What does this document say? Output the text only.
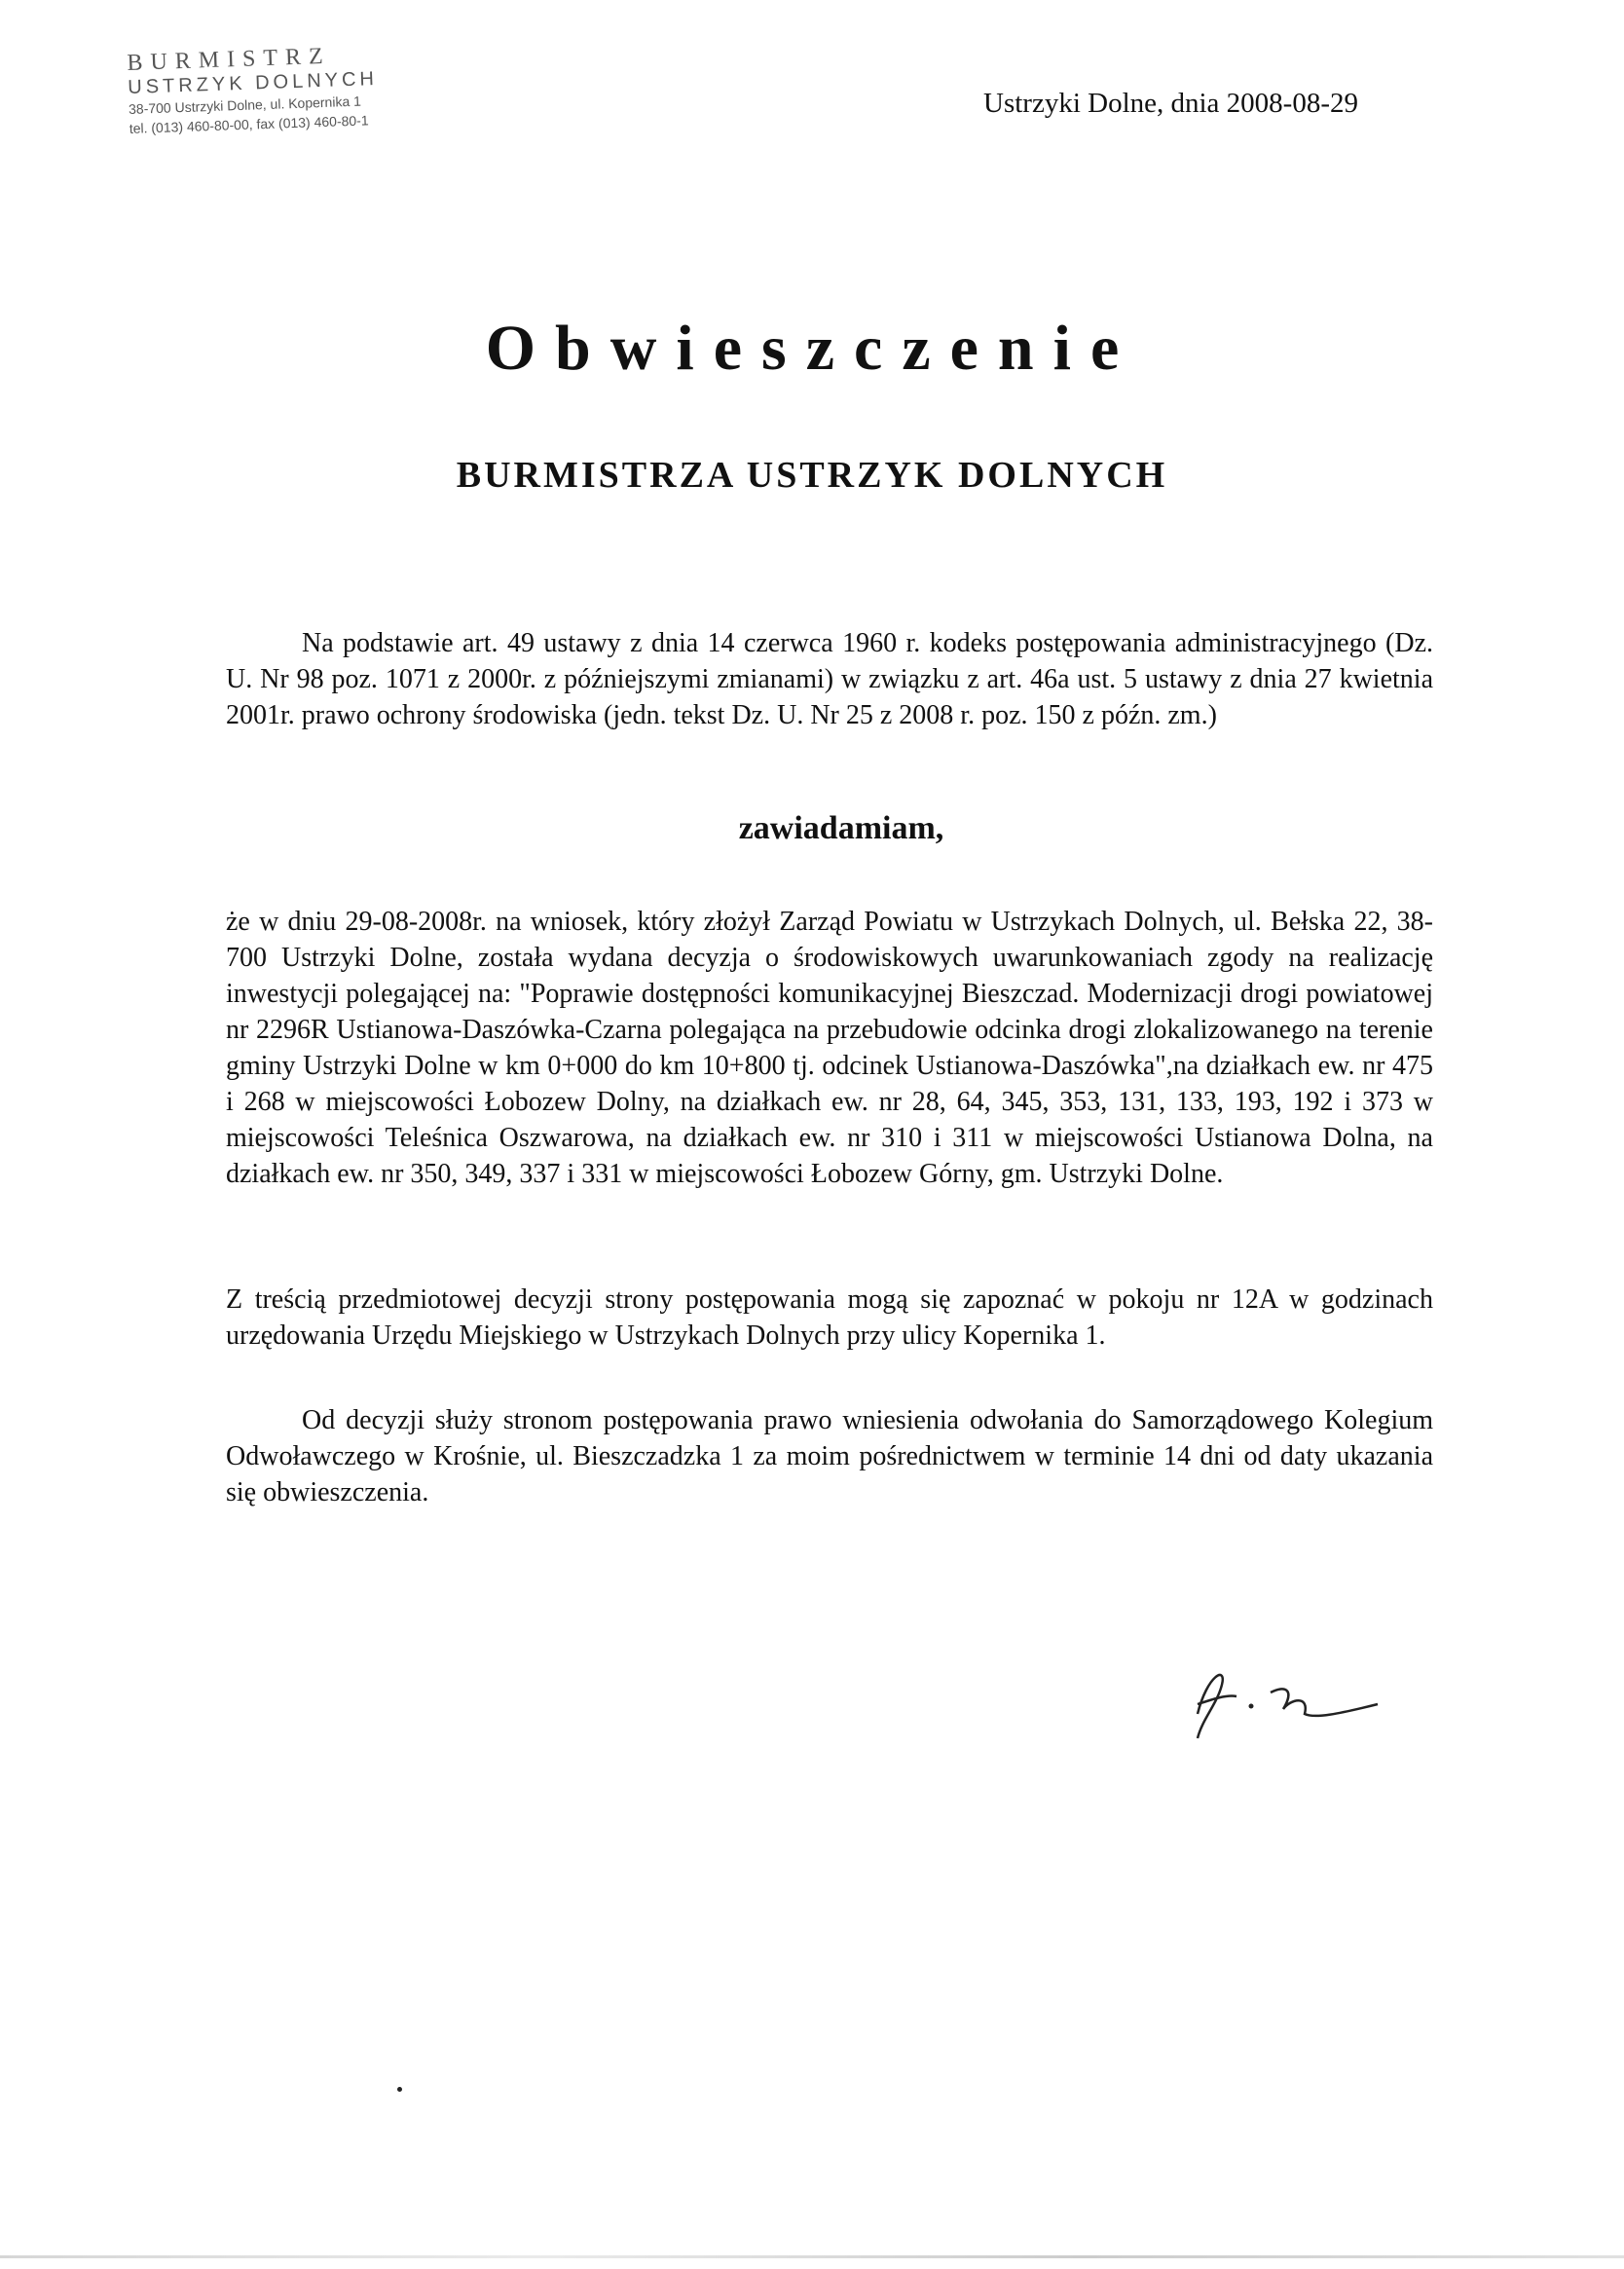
BURMISTRZ
USTRZYK DOLNYCH
38-700 Ustrzyki Dolne, ul. Kopernika 1
tel. (013) 460-80-00, fax (013) 460-80-1
Ustrzyki Dolne, dnia 2008-08-29
Obwieszczenie
BURMISTRZA USTRZYK DOLNYCH

Na podstawie art. 49 ustawy z dnia 14 czerwca 1960 r. kodeks postępowania administracyjnego (Dz. U. Nr 98 poz. 1071 z 2000r. z późniejszymi zmianami) w związku z art. 46a ust. 5 ustawy z dnia 27 kwietnia 2001r. prawo ochrony środowiska (jedn. tekst Dz. U. Nr 25 z 2008 r. poz. 150 z późn. zm.)

zawiadamiam,

że w dniu 29-08-2008r. na wniosek, który złożył Zarząd Powiatu w Ustrzykach Dolnych, ul. Bełska 22, 38-700 Ustrzyki Dolne, została wydana decyzja o środowiskowych uwarunkowaniach zgody na realizację inwestycji polegającej na: "Poprawie dostępności komunikacyjnej Bieszczad. Modernizacji drogi powiatowej nr 2296R Ustianowa-Daszówka-Czarna polegająca na przebudowie odcinka drogi zlokalizowanego na terenie gminy Ustrzyki Dolne w km 0+000 do km 10+800 tj. odcinek Ustianowa-Daszówka",na działkach ew. nr 475 i 268 w miejscowości Łobozew Dolny, na działkach ew. nr 28, 64, 345, 353, 131, 133, 193, 192 i 373 w miejscowości Teleśnica Oszwarowa, na działkach ew. nr 310 i 311 w miejscowości Ustianowa Dolna, na działkach ew. nr 350, 349, 337 i 331 w miejscowości Łobozew Górny, gm. Ustrzyki Dolne.

Z treścią przedmiotowej decyzji strony postępowania mogą się zapoznać w pokoju nr 12A w godzinach urzędowania Urzędu Miejskiego w Ustrzykach Dolnych przy ulicy Kopernika 1.

Od decyzji służy stronom postępowania prawo wniesienia odwołania do Samorządowego Kolegium Odwoławczego w Krośnie, ul. Bieszczadzka 1 za moim pośrednictwem w terminie 14 dni od daty ukazania się obwieszczenia.
